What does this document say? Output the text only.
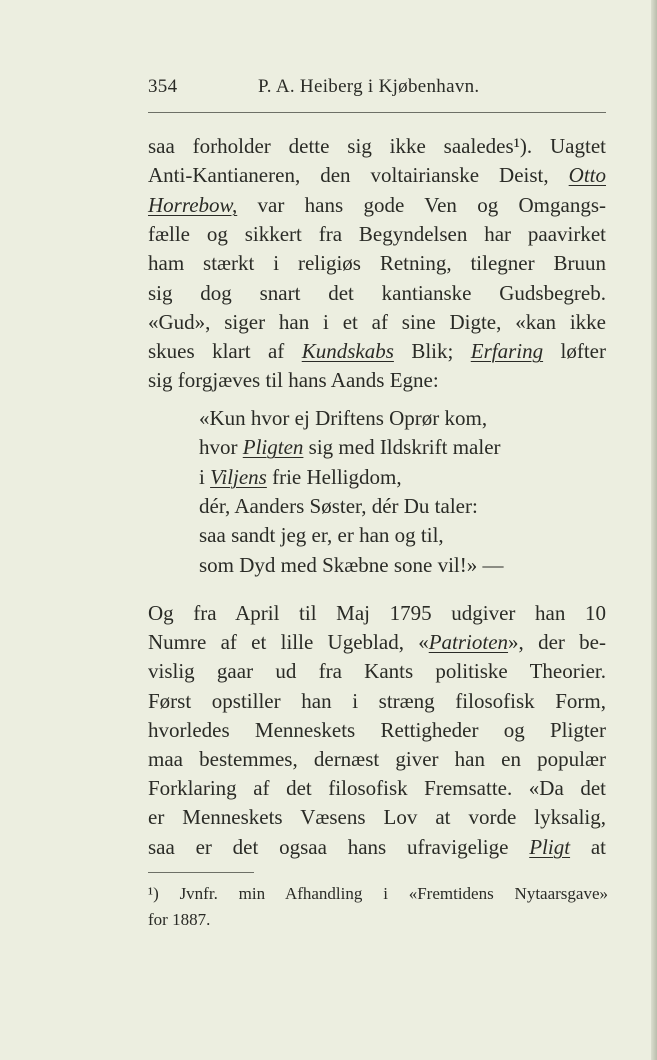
354	P. A. Heiberg i Kjøbenhavn.
saa forholder dette sig ikke saaledes¹). Uagtet
Anti-Kantianeren, den voltairianske Deist, Otto
Horrebow, var hans gode Ven og Omgangs-
fælle og sikkert fra Begyndelsen har paavirket
ham stærkt i religiøs Retning, tilegner Bruun
sig dog snart det kantianske Gudsbegreb.
«Gud», siger han i et af sine Digte, «kan ikke
skues klart af Kundskabs Blik; Erfaring løfter
sig forgjæves til hans Aands Egne:
«Kun hvor ej Driftens Oprør kom,
hvor Pligten sig med Ildskrift maler
i Viljens frie Helligdom,
dér, Aanders Søster, dér Du taler:
saa sandt jeg er, er han og til,
som Dyd med Skæbne sone vil!» —
Og fra April til Maj 1795 udgiver han 10
Numre af et lille Ugeblad, «Patrioten», der be-
vislig gaar ud fra Kants politiske Theorier.
Først opstiller han i stræng filosofisk Form,
hvorledes Menneskets Rettigheder og Pligter
maa bestemmes, dernæst giver han en populær
Forklaring af det filosofisk Fremsatte. «Da det
er Menneskets Væsens Lov at vorde lyksalig,
saa er det ogsaa hans ufravigelige Pligt at
¹) Jvnfr. min Afhandling i «Fremtidens Nytaarsgave»
for 1887.
